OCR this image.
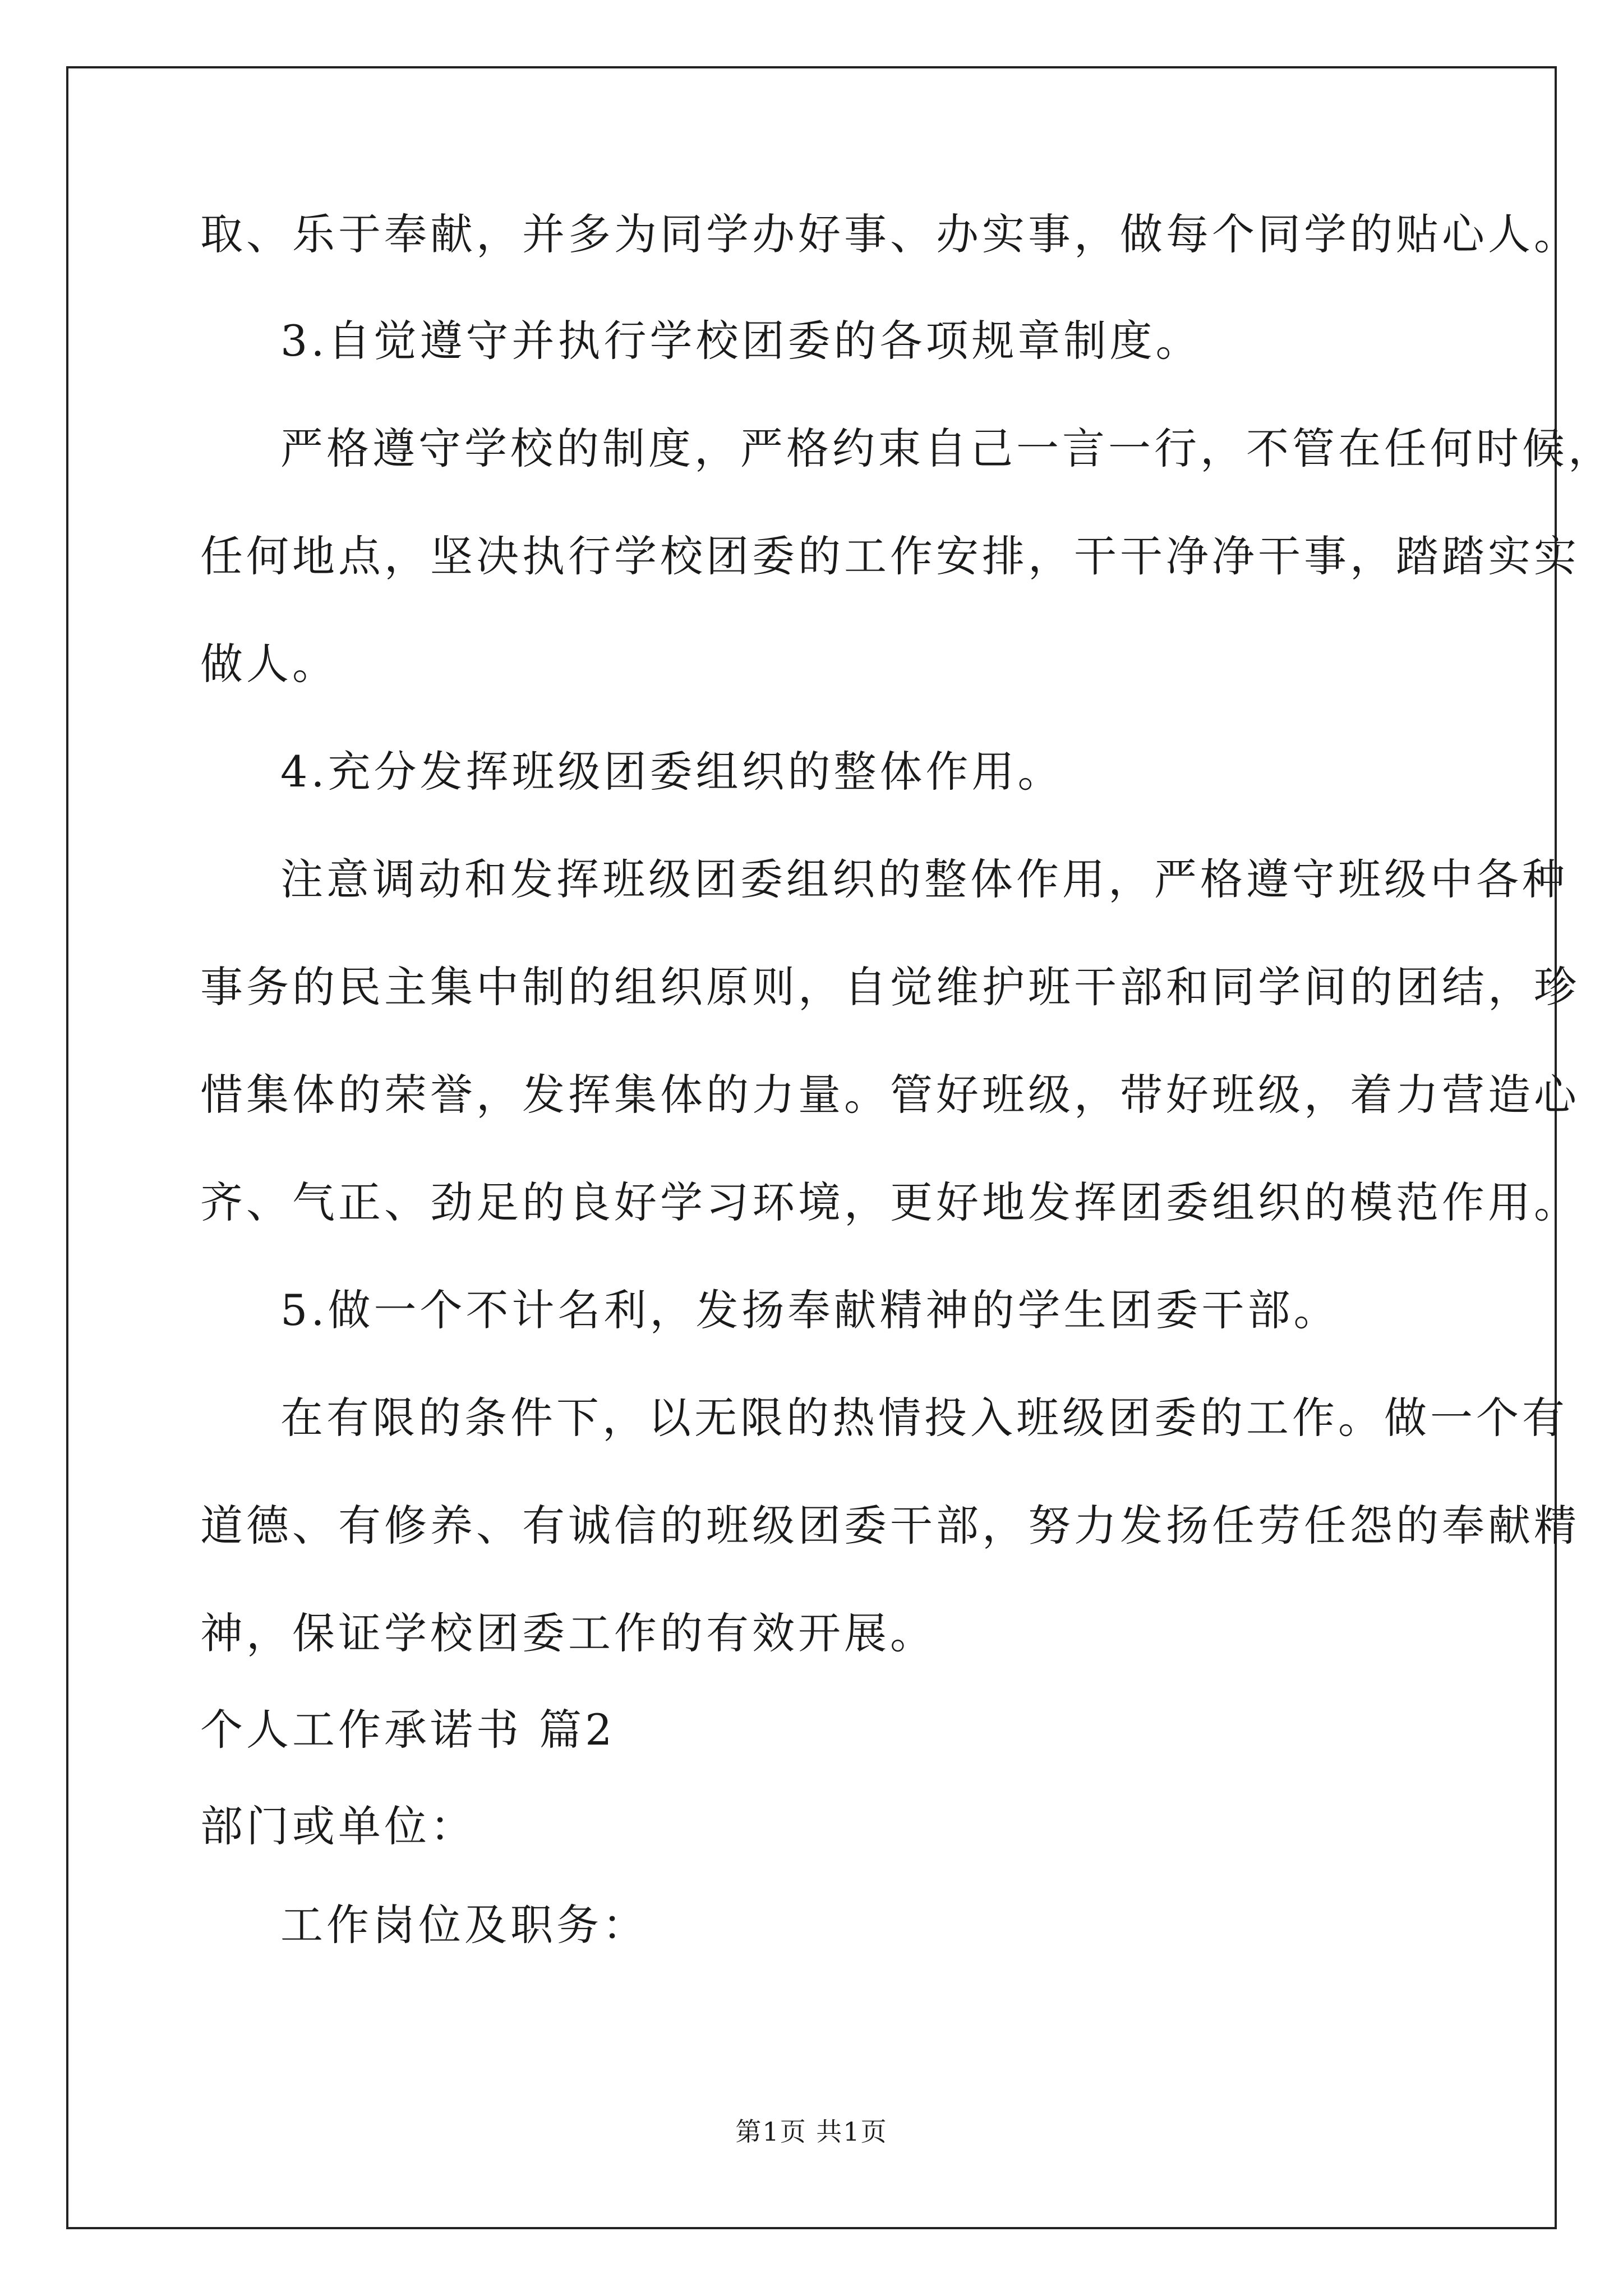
取、乐于奉献，并多为同学办好事、办实事，做每个同学的贴心人。

3.自觉遵守并执行学校团委的各项规章制度。

严格遵守学校的制度，严格约束自己一言一行，不管在任何时候，

任何地点，坚决执行学校团委的工作安排，干干净净干事，踏踏实实

做人。

4.充分发挥班级团委组织的整体作用。

注意调动和发挥班级团委组织的整体作用，严格遵守班级中各种

事务的民主集中制的组织原则，自觉维护班干部和同学间的团结，珍

惜集体的荣誉，发挥集体的力量。管好班级，带好班级，着力营造心

齐、气正、劲足的良好学习环境，更好地发挥团委组织的模范作用。

5.做一个不计名利，发扬奉献精神的学生团委干部。

在有限的条件下，以无限的热情投入班级团委的工作。做一个有

道德、有修养、有诚信的班级团委干部，努力发扬任劳任怨的奉献精

神，保证学校团委工作的有效开展。

个人工作承诺书 篇2

部门或单位：

工作岗位及职务：

第1页 共1页
